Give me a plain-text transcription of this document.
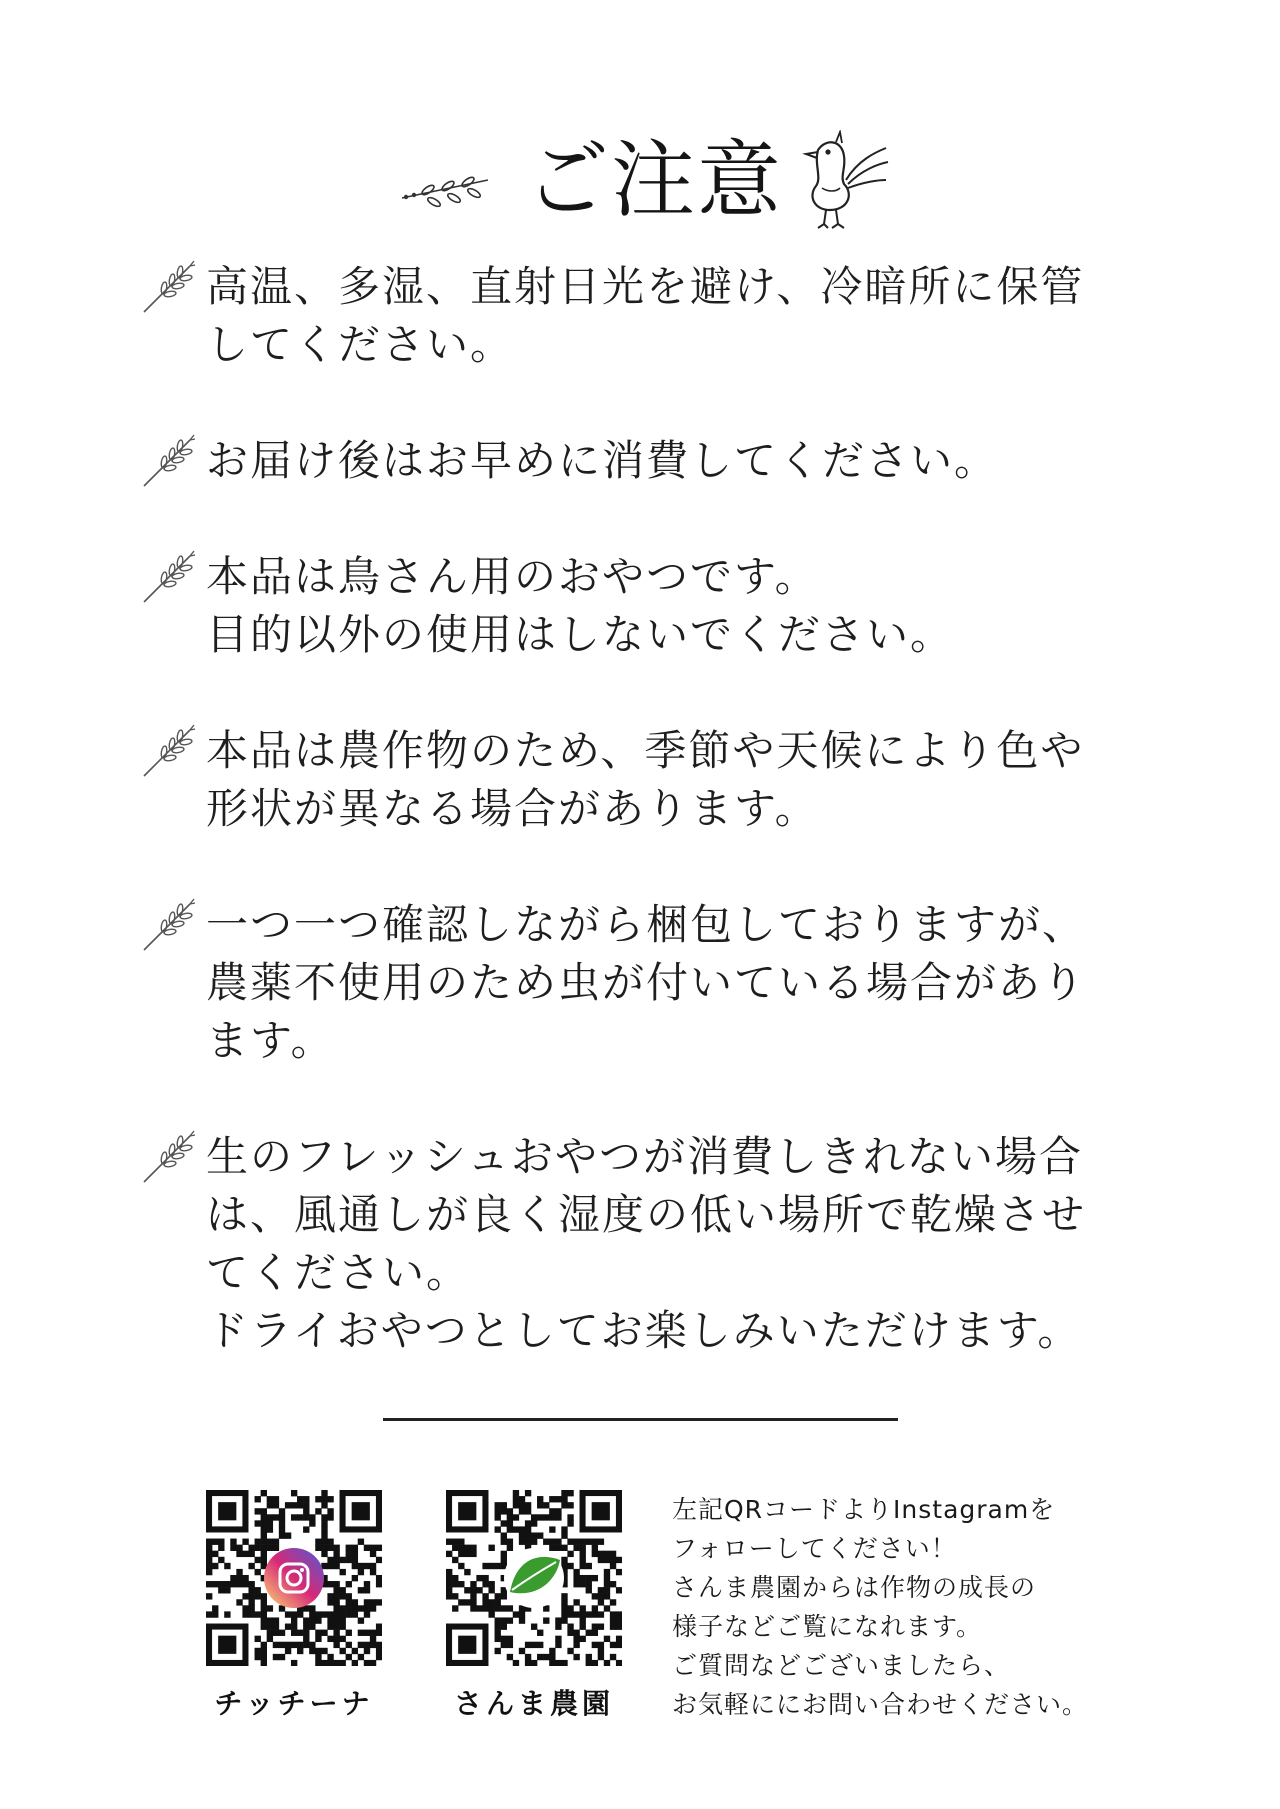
ご注意
高温、多湿、直射日光を避け、冷暗所に保管
してください。
お届け後はお早めに消費してください。
本品は鳥さん用のおやつです。
目的以外の使用はしないでください。
本品は農作物のため、季節や天候により色や
形状が異なる場合があります。
一つ一つ確認しながら梱包しておりますが、
農薬不使用のため虫が付いている場合があり
ます。
生のフレッシュおやつが消費しきれない場合
は、風通しが良く湿度の低い場所で乾燥させ
てください。
ドライおやつとしてお楽しみいただけます。
チッチーナ	さんま農園
左記QRコードよりInstagramを
フォローしてください！
さんま農園からは作物の成長の
様子などご覧になれます。
ご質問などございましたら、
お気軽ににお問い合わせください。
